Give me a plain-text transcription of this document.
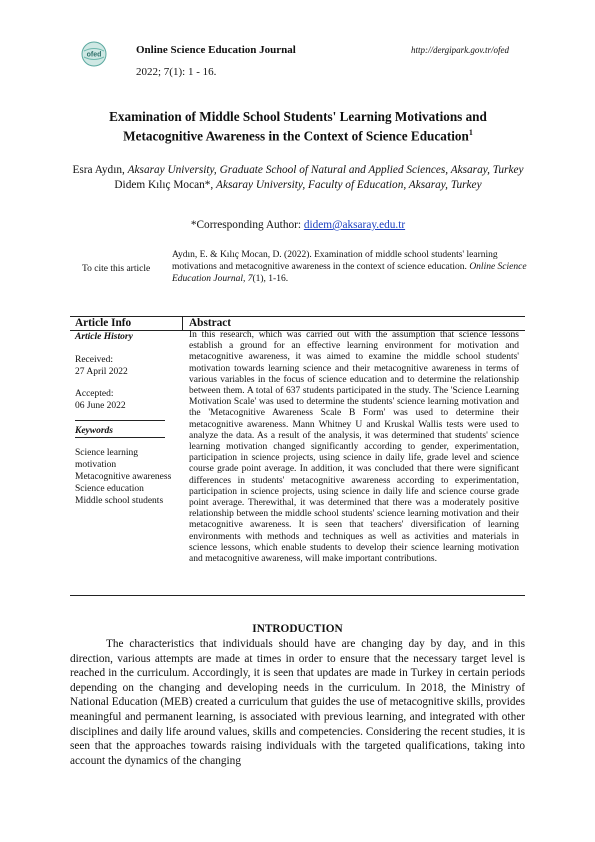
ofed	Online Science Education Journal	http://dergipark.gov.tr/ofed
2022; 7(1): 1 - 16.
Examination of Middle School Students' Learning Motivations and Metacognitive Awareness in the Context of Science Education$^1$
Esra Aydın, Aksaray University, Graduate School of Natural and Applied Sciences, Aksaray, Turkey
Didem Kılıç Mocan*, Aksaray University, Faculty of Education, Aksaray, Turkey
*Corresponding Author: didem@aksaray.edu.tr
To cite this article
Aydın, E. & Kılıç Mocan, D. (2022). Examination of middle school students' learning motivations and metacognitive awareness in the context of science education. Online Science Education Journal, 7(1), 1-16.
Article Info	Abstract
Article History
Received:
27 April 2022
Accepted:
06 June 2022
Keywords
Science learning motivation
Metacognitive awareness
Science education
Middle school students
In this research, which was carried out with the assumption that science lessons establish a ground for an effective learning environment for motivation and metacognitive awareness, it was aimed to examine the middle school students' motivation towards learning science and their metacognitive awareness in terms of various variables in the focus of science education and to determine the relationship between them. A total of 637 students participated in the study. The 'Science Learning Motivation Scale' was used to determine the students' science learning motivation and the 'Metacognitive Awareness Scale B Form' was used to determine their metacognitive awareness. Mann Whitney U and Kruskal Wallis tests were used to analyze the data. As a result of the analysis, it was determined that students' science learning motivation changed significantly according to gender, experimentation, participation in science projects, using science in daily life, grade level and science course grade point average. In addition, it was concluded that there were significant differences in students' metacognitive awareness according to experimentation, participation in science projects, using science in daily life and science course grade point average. Therewithal, it was determined that there was a moderately positive relationship between the middle school students' science learning motivation and their metacognitive awareness. It is seen that teachers' diversification of learning environments with methods and techniques as well as activities and materials in science lessons, which enable students to develop their science learning motivation and metacognitive awareness, will make important contributions.
INTRODUCTION
The characteristics that individuals should have are changing day by day, and in this direction, various attempts are made at times in order to ensure that the necessary target level is reached in the curriculum. Accordingly, it is seen that updates are made in Turkey in certain periods depending on the changing and developing needs in the curriculum. In 2018, the Ministry of National Education (MEB) created a curriculum that guides the use of metacognitive skills, provides meaningful and permanent learning, is associated with previous learning, and integrated with other disciplines and daily life around values, skills and competencies. Considering the recent studies, it is seen that the approaches towards raising individuals with the targeted qualifications, taking into account the dynamics of the changing
